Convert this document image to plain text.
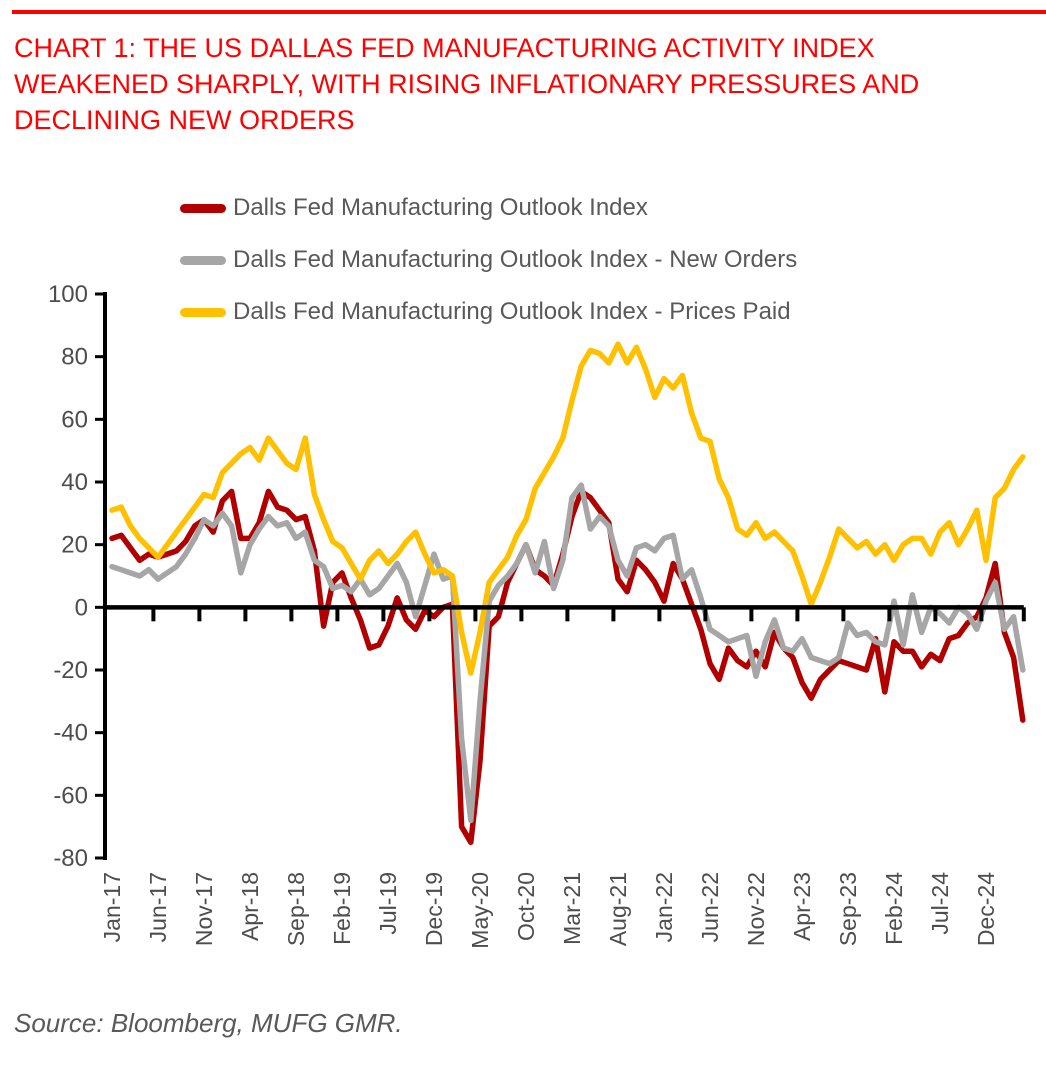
CHART 1: THE US DALLAS FED MANUFACTURING ACTIVITY INDEX
WEAKENED SHARPLY, WITH RISING INFLATIONARY PRESSURES AND
DECLINING NEW ORDERS
100
80
60
40
20
0
-20
-40
-60
-80
Jan-17 Jun-17 Nov-17 Apr-18 Sep-18 Feb-19 Jul-19 Dec-19 May-20 Oct-20 Mar-21 Aug-21 Jan-22 Jun-22 Nov-22 Apr-23 Sep-23 Feb-24 Jul-24 Dec-24
Dalls Fed Manufacturing Outlook Index
Dalls Fed Manufacturing Outlook Index - New Orders
Dalls Fed Manufacturing Outlook Index - Prices Paid
Source: Bloomberg, MUFG GMR.
